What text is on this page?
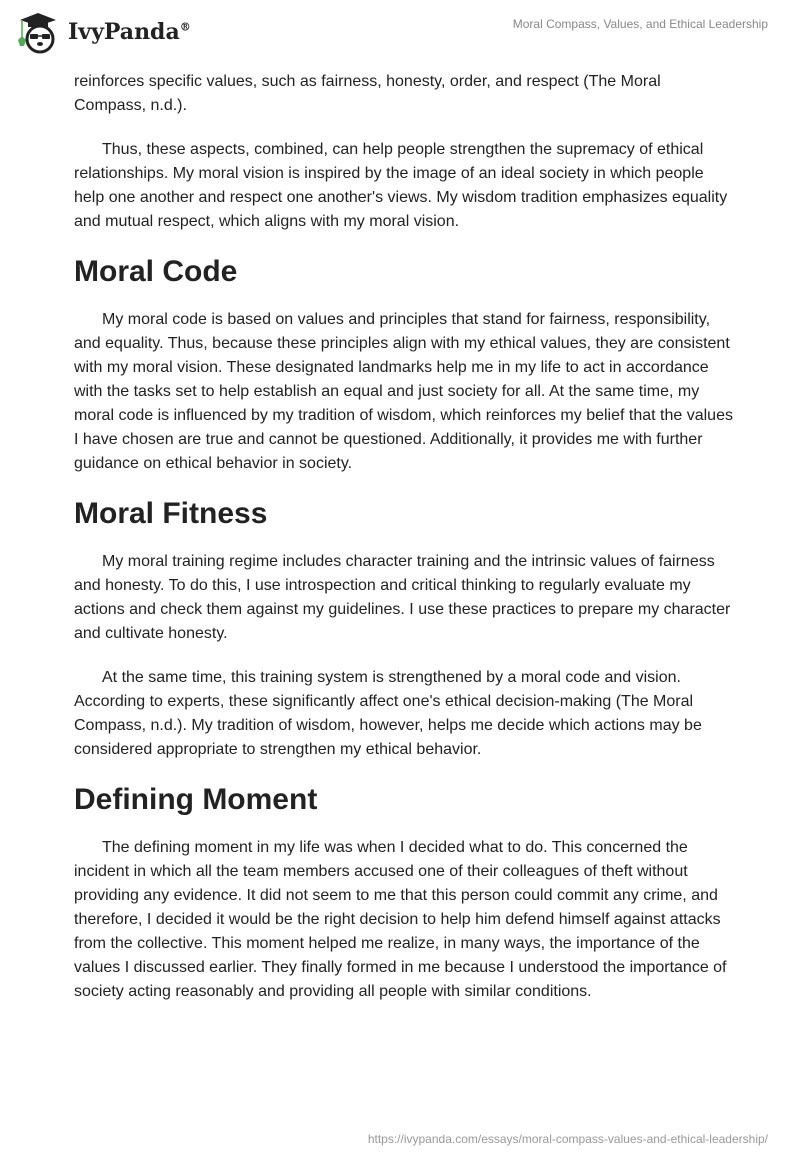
IvyPanda®	Moral Compass, Values, and Ethical Leadership

reinforces specific values, such as fairness, honesty, order, and respect (The Moral Compass, n.d.).

Thus, these aspects, combined, can help people strengthen the supremacy of ethical relationships. My moral vision is inspired by the image of an ideal society in which people help one another and respect one another's views. My wisdom tradition emphasizes equality and mutual respect, which aligns with my moral vision.

Moral Code

My moral code is based on values and principles that stand for fairness, responsibility, and equality. Thus, because these principles align with my ethical values, they are consistent with my moral vision. These designated landmarks help me in my life to act in accordance with the tasks set to help establish an equal and just society for all. At the same time, my moral code is influenced by my tradition of wisdom, which reinforces my belief that the values I have chosen are true and cannot be questioned. Additionally, it provides me with further guidance on ethical behavior in society.

Moral Fitness

My moral training regime includes character training and the intrinsic values of fairness and honesty. To do this, I use introspection and critical thinking to regularly evaluate my actions and check them against my guidelines. I use these practices to prepare my character and cultivate honesty.

At the same time, this training system is strengthened by a moral code and vision. According to experts, these significantly affect one's ethical decision-making (The Moral Compass, n.d.). My tradition of wisdom, however, helps me decide which actions may be considered appropriate to strengthen my ethical behavior.

Defining Moment

The defining moment in my life was when I decided what to do. This concerned the incident in which all the team members accused one of their colleagues of theft without providing any evidence. It did not seem to me that this person could commit any crime, and therefore, I decided it would be the right decision to help him defend himself against attacks from the collective. This moment helped me realize, in many ways, the importance of the values I discussed earlier. They finally formed in me because I understood the importance of society acting reasonably and providing all people with similar conditions.

https://ivypanda.com/essays/moral-compass-values-and-ethical-leadership/
